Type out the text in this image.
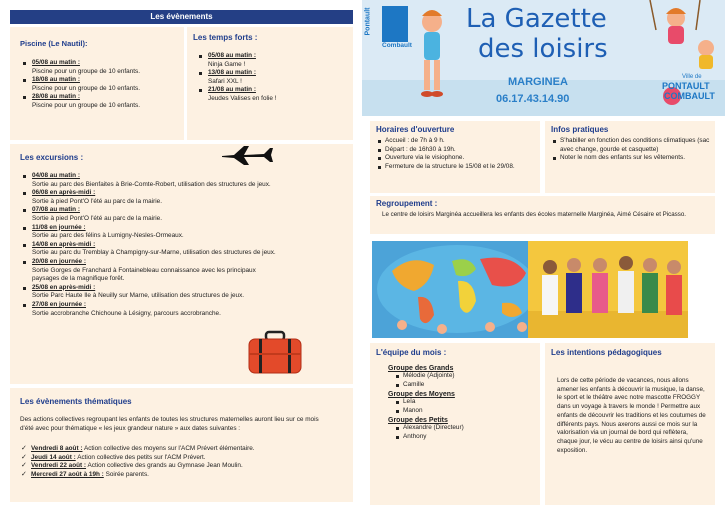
Les évènements
Piscine (Le Nautil):
05/08 au matin :
Piscine pour un groupe de 10 enfants.
18/08 au matin :
Piscine pour un groupe de 10 enfants.
28/08 au matin :
Piscine pour un groupe de 10 enfants.
Les temps forts :
05/08 au matin :
Ninja Game !
13/08 au matin :
Safari XXL !
21/08 au matin :
Jeudes Valises en folie !
Les excursions :
04/08 au matin :
Sortie au parc des Bienfaites à Brie-Comte-Robert, utilisation des structures de jeux.
06/08 en après-midi :
Sortie à pied Pont'O l'été au parc de la mairie.
07/08 au matin :
Sortie à pied Pont'O l'été au parc de la mairie.
11/08 en journée :
Sortie au parc des félins à Lumigny-Nesles-Ormeaux.
14/08 en après-midi :
Sortie au parc du Tremblay à Champigny-sur-Marne, utilisation des structures de jeux.
20/08 en journée :
Sortie Gorges de Franchard à Fontainebleau connaissance avec les principaux
paysages de la magnifique forêt.
25/08 en après-midi :
Sortie Parc Haute Ile à Neuilly sur Marne, utilisation des structures de jeux.
27/08 en journée :
Sortie accrobranche Chichoune à Lésigny, parcours accrobranche.
Les évènements thématiques
Des actions collectives regroupant les enfants de toutes les structures maternelles auront lieu sur ce mois d'été avec pour thématique « les jeux grandeur nature » aux dates suivantes :
✓ Vendredi 8 août : Action collective des moyens sur l'ACM Prévert élémentaire.
✓ Jeudi 14 août : Action collective des petits sur l'ACM Prévert.
✓ Vendredi 22 août : Action collective des grands au Gymnase Jean Moulin.
✓ Mercredi 27 août à 19h : Soirée parents.
Pontault
Combault
La Gazette
des loisirs
MARGINEA
06.17.43.14.90
Ville de
PONTAULT
COMBAULT
Horaires d'ouverture
Accueil : de 7h à 9 h.
Départ : de 16h30 à 19h.
Ouverture via le visiophone.
Fermeture de la structure le 15/08 et le 29/08.
Infos pratiques
S'habiller en fonction des conditions climatiques (sac avec change, gourde et casquette)
Noter le nom des enfants sur les vêtements.
Regroupement :
Le centre de loisirs Marginéa accueillera les enfants des écoles maternelle Marginéa, Aimé Césaire et Picasso.
L'équipe du mois :
Groupe des Grands
Mélodie (Adjointe)
Camille
Groupe des Moyens
Leïa
Manon
Groupe des Petits
Alexandre (Directeur)
Anthony
Les intentions pédagogiques
Lors de cette période de vacances, nous allons amener les enfants à découvrir la musique, la danse, le sport et le théâtre avec notre mascotte FROGGY dans un voyage à travers le monde ! Permettre aux enfants de découvrir les traditions et les coutumes de différents pays. Nous axerons aussi ce mois sur la valorisation via un journal de bord qui reflètera, chaque jour, le vécu au centre de loisirs ainsi qu'une exposition.
